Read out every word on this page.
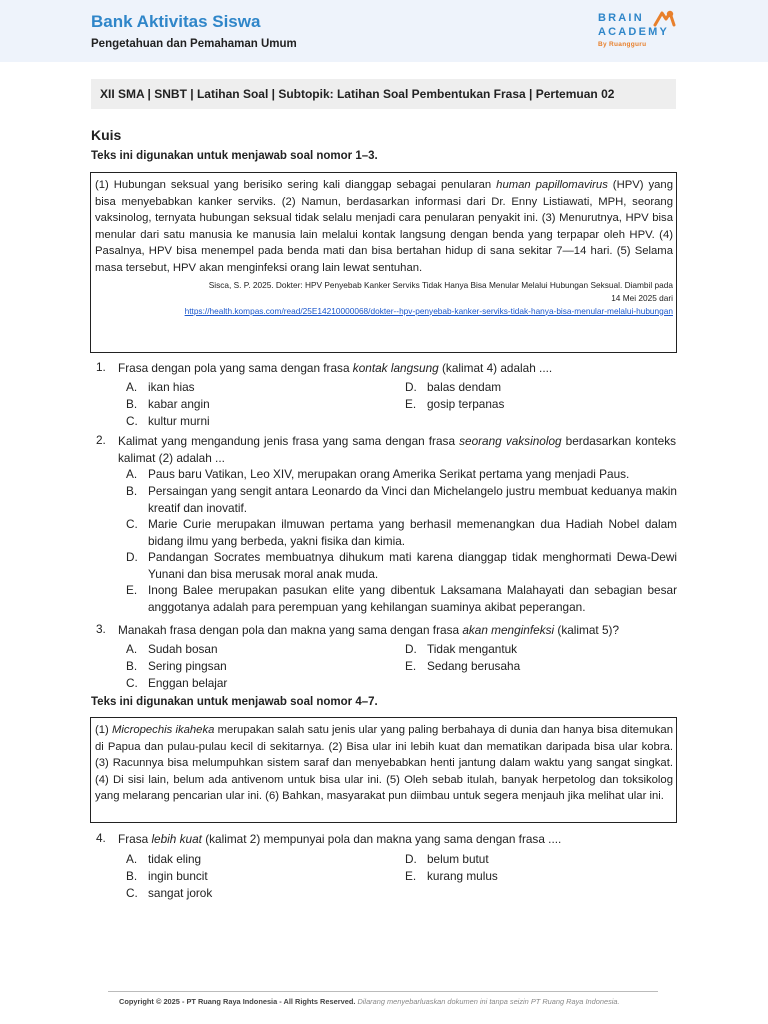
Bank Aktivitas Siswa
Pengetahuan dan Pemahaman Umum
BRAIN
ACADEMY
By Ruangguru
XII SMA | SNBT | Latihan Soal | Subtopik: Latihan Soal Pembentukan Frasa | Pertemuan 02
Kuis
Teks ini digunakan untuk menjawab soal nomor 1–3.

(1) Hubungan seksual yang berisiko sering kali dianggap sebagai penularan human papillomavirus (HPV) yang bisa menyebabkan kanker serviks. (2) Namun, berdasarkan informasi dari Dr. Enny Listiawati, MPH, seorang vaksinolog, ternyata hubungan seksual tidak selalu menjadi cara penularan penyakit ini. (3) Menurutnya, HPV bisa menular dari satu manusia ke manusia lain melalui kontak langsung dengan benda yang terpapar oleh HPV. (4) Pasalnya, HPV bisa menempel pada benda mati dan bisa bertahan hidup di sana sekitar 7—14 hari. (5) Selama masa tersebut, HPV akan menginfeksi orang lain lewat sentuhan.

Sisca, S. P. 2025. Dokter: HPV Penyebab Kanker Serviks Tidak Hanya Bisa Menular Melalui Hubungan Seksual. Diambil pada
14 Mei 2025 dari

https://health.kompas.com/read/25E14210000068/dokter--hpv-penyebab-kanker-serviks-tidak-hanya-bisa-menular-melalui-hubungan

1. Frasa dengan pola yang sama dengan frasa kontak langsung (kalimat 4) adalah ....
A. ikan hias
B. kabar angin
C. kultur murni
D. balas dendam
E. gosip terpanas
2. Kalimat yang mengandung jenis frasa yang sama dengan frasa seorang vaksinolog berdasarkan konteks kalimat (2) adalah ...
A. Paus baru Vatikan, Leo XIV, merupakan orang Amerika Serikat pertama yang menjadi Paus.
B. Persaingan yang sengit antara Leonardo da Vinci dan Michelangelo justru membuat keduanya makin kreatif dan inovatif.
C. Marie Curie merupakan ilmuwan pertama yang berhasil memenangkan dua Hadiah Nobel dalam bidang ilmu yang berbeda, yakni fisika dan kimia.
D. Pandangan Socrates membuatnya dihukum mati karena dianggap tidak menghormati Dewa-Dewi Yunani dan bisa merusak moral anak muda.
E. Inong Balee merupakan pasukan elite yang dibentuk Laksamana Malahayati dan sebagian besar anggotanya adalah para perempuan yang kehilangan suaminya akibat peperangan.
3. Manakah frasa dengan pola dan makna yang sama dengan frasa akan menginfeksi (kalimat 5)?
A. Sudah bosan
B. Sering pingsan
C. Enggan belajar
D. Tidak mengantuk
E. Sedang berusaha
Teks ini digunakan untuk menjawab soal nomor 4–7.

(1) Micropechis ikaheka merupakan salah satu jenis ular yang paling berbahaya di dunia dan hanya bisa ditemukan di Papua dan pulau-pulau kecil di sekitarnya. (2) Bisa ular ini lebih kuat dan mematikan daripada bisa ular kobra. (3) Racunnya bisa melumpuhkan sistem saraf dan menyebabkan henti jantung dalam waktu yang sangat singkat. (4) Di sisi lain, belum ada antivenom untuk bisa ular ini. (5) Oleh sebab itulah, banyak herpetolog dan toksikolog yang melarang pencarian ular ini. (6) Bahkan, masyarakat pun diimbau untuk segera menjauh jika melihat ular ini.

4. Frasa lebih kuat (kalimat 2) mempunyai pola dan makna yang sama dengan frasa ....
A. tidak eling
B. ingin buncit
C. sangat jorok
D. belum butut
E. kurang mulus
Copyright © 2025 - PT Ruang Raya Indonesia - All Rights Reserved. Dilarang menyebarluaskan dokumen ini tanpa seizin PT Ruang Raya Indonesia.
